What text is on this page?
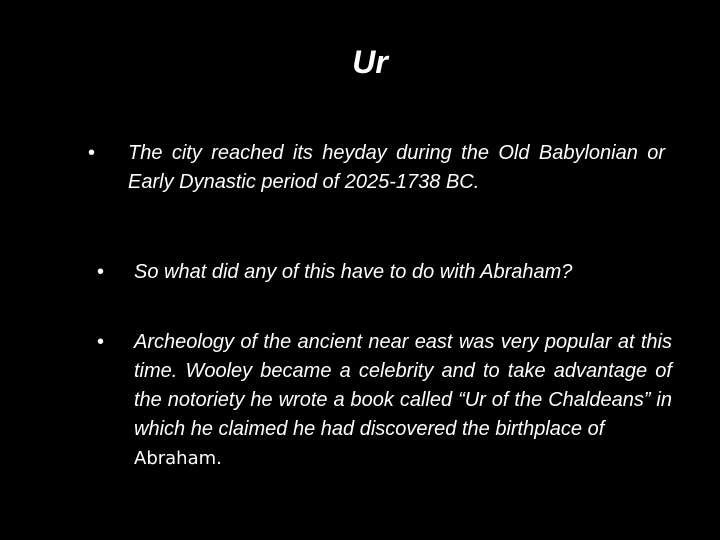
Ur
• The city reached its heyday during the Old Babylonian or Early Dynastic period of 2025-1738 BC.
• So what did any of this have to do with Abraham?
• Archeology of the ancient near east was very popular at this time. Wooley became a celebrity and to take advantage of the notoriety he wrote a book called “Ur of the Chaldeans” in which he claimed he had discovered the birthplace of
Abraham.
